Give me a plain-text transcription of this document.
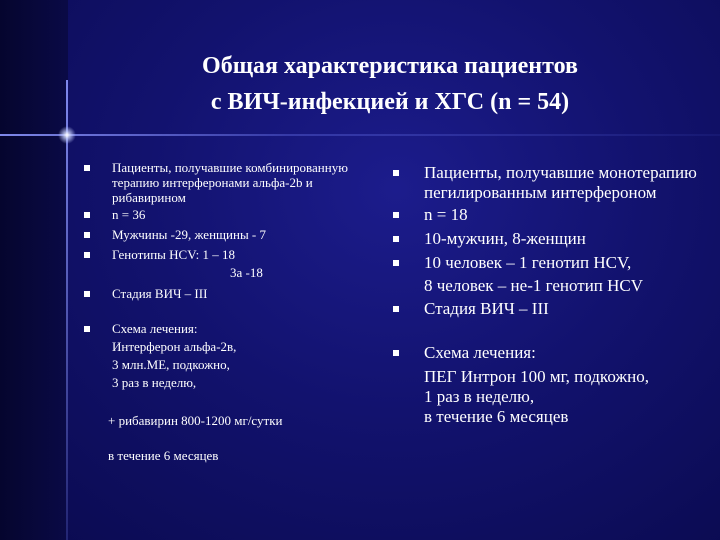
Общая характеристика пациентов
с ВИЧ-инфекцией и ХГС (n = 54)
Пациенты, получавшие комбинированную терапию интерферонами альфа-2b и рибавирином
n = 36
Мужчины -29, женщины - 7
Генотипы HCV: 1 – 18
3а -18
Стадия ВИЧ – III
Схема лечения:
Интерферон альфа-2в,
3 млн.МЕ, подкожно,
3 раз в неделю,
+ рибавирин 800-1200 мг/сутки
в течение 6 месяцев
Пациенты, получавшие монотерапию пегилированным интерфероном
n = 18
10-мужчин, 8-женщин
10 человек – 1 генотип HCV,
8 человек – не-1 генотип HCV
Стадия ВИЧ – III
Схема лечения:
ПЕГ Интрон 100 мг, подкожно,
1 раз в неделю,
в течение 6 месяцев
